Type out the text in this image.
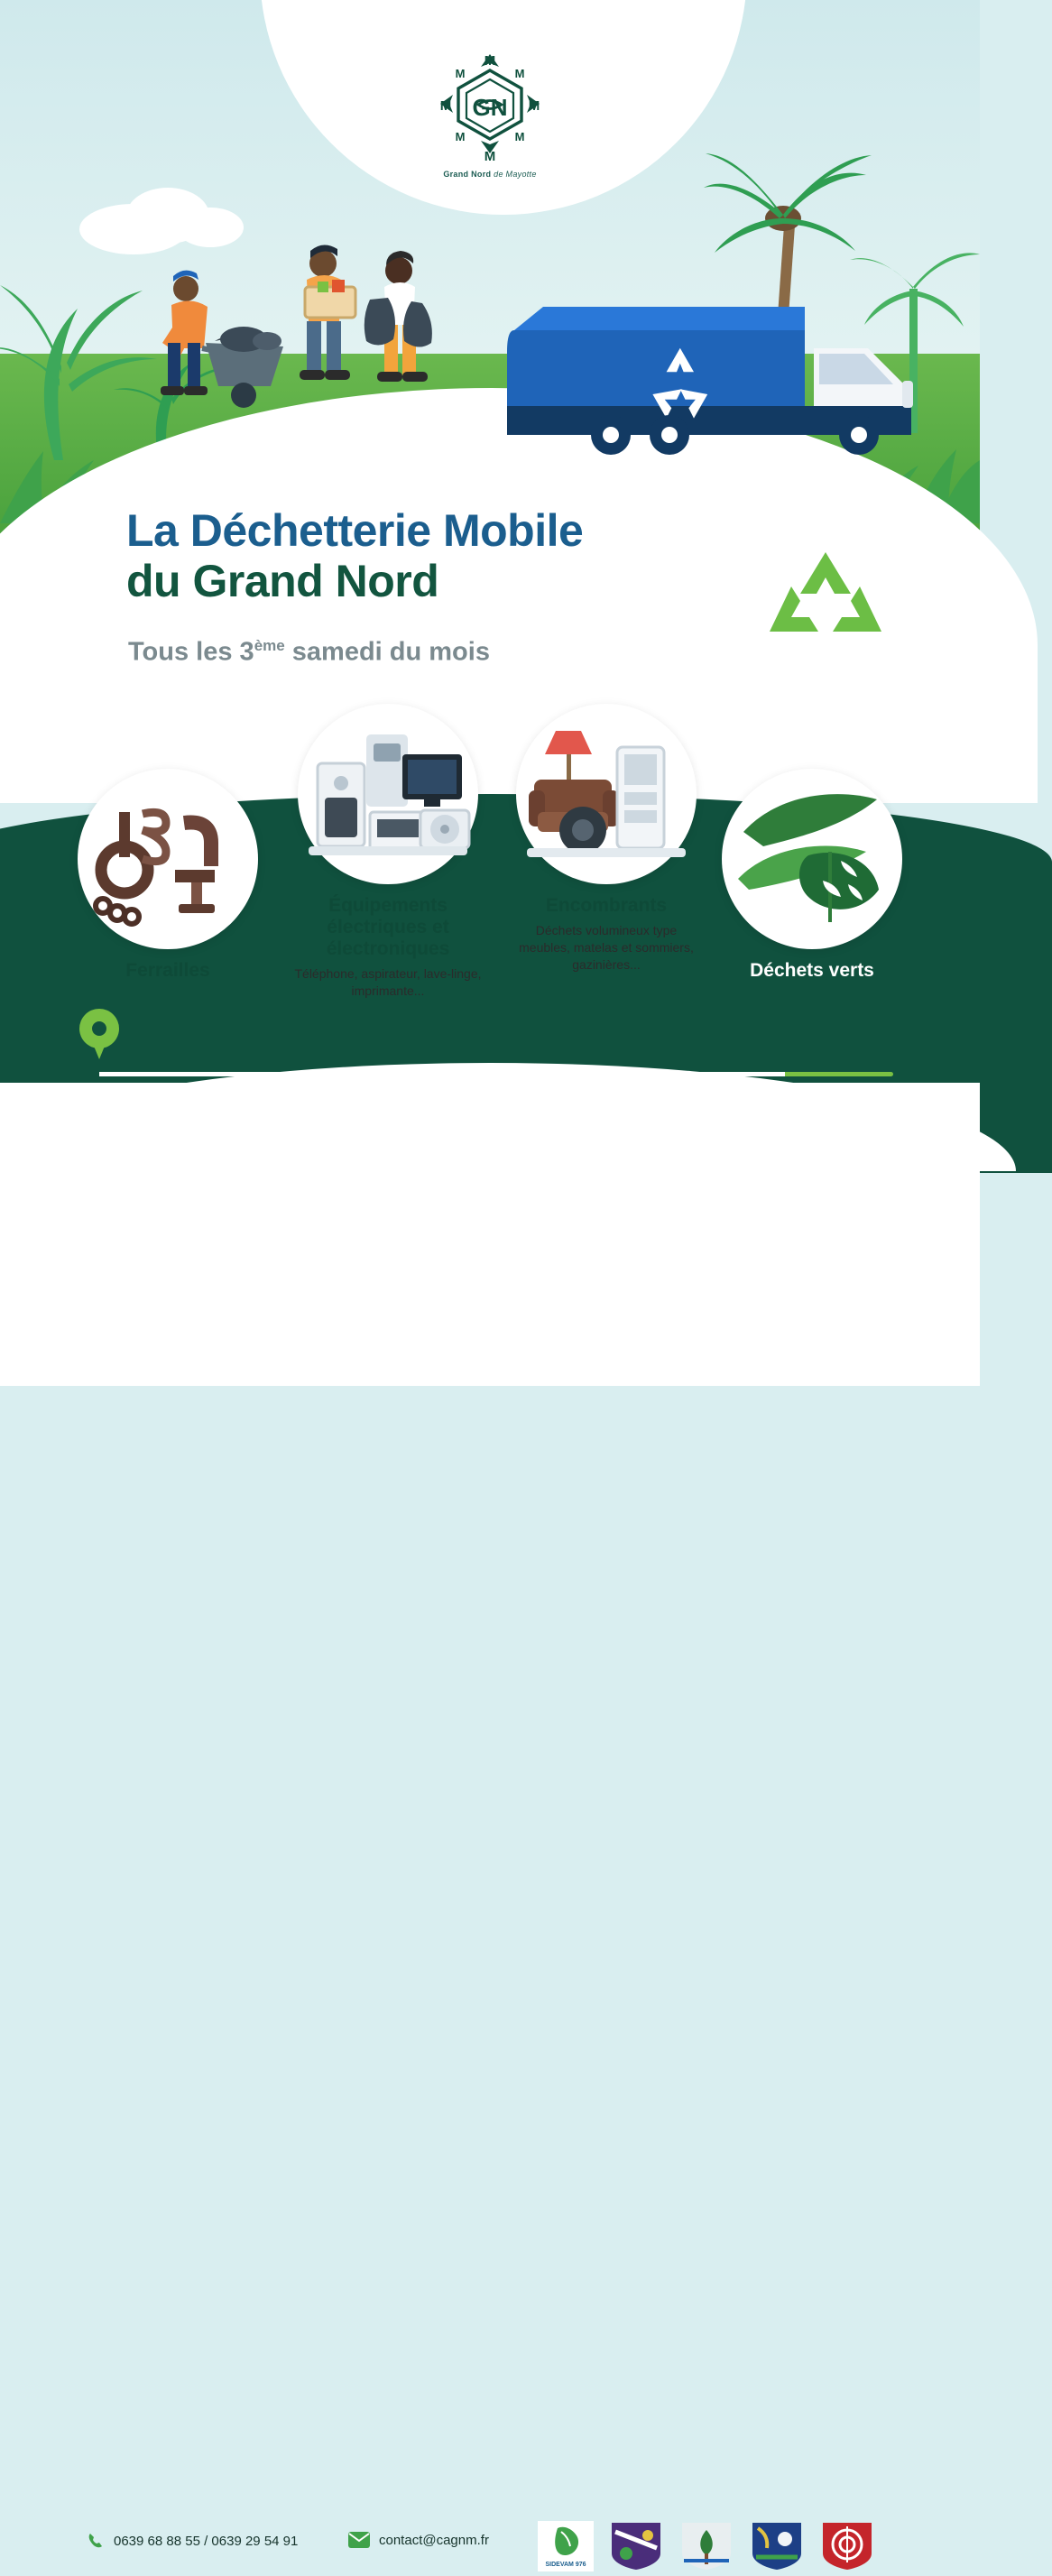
GN
M
M
M	M
M	M
M	M
Grand Nord de Mayotte
La Déchetterie Mobile
du Grand Nord
Tous les 3ème samedi du mois
Ferrailles
Équipements électriques et électroniques
Téléphone, aspirateur, lave-linge, imprimante...
Encombrants
Déchets volumineux type meubles, matelas et sommiers, gazinières...	Déchets verts
Plateau polyvalent
d’Acoua
Samedi 13 janvier
de 8h à 12h
0639 68 88 55 / 0639 29 54 91	contact@cagnm.fr
SIDEVAM 976
